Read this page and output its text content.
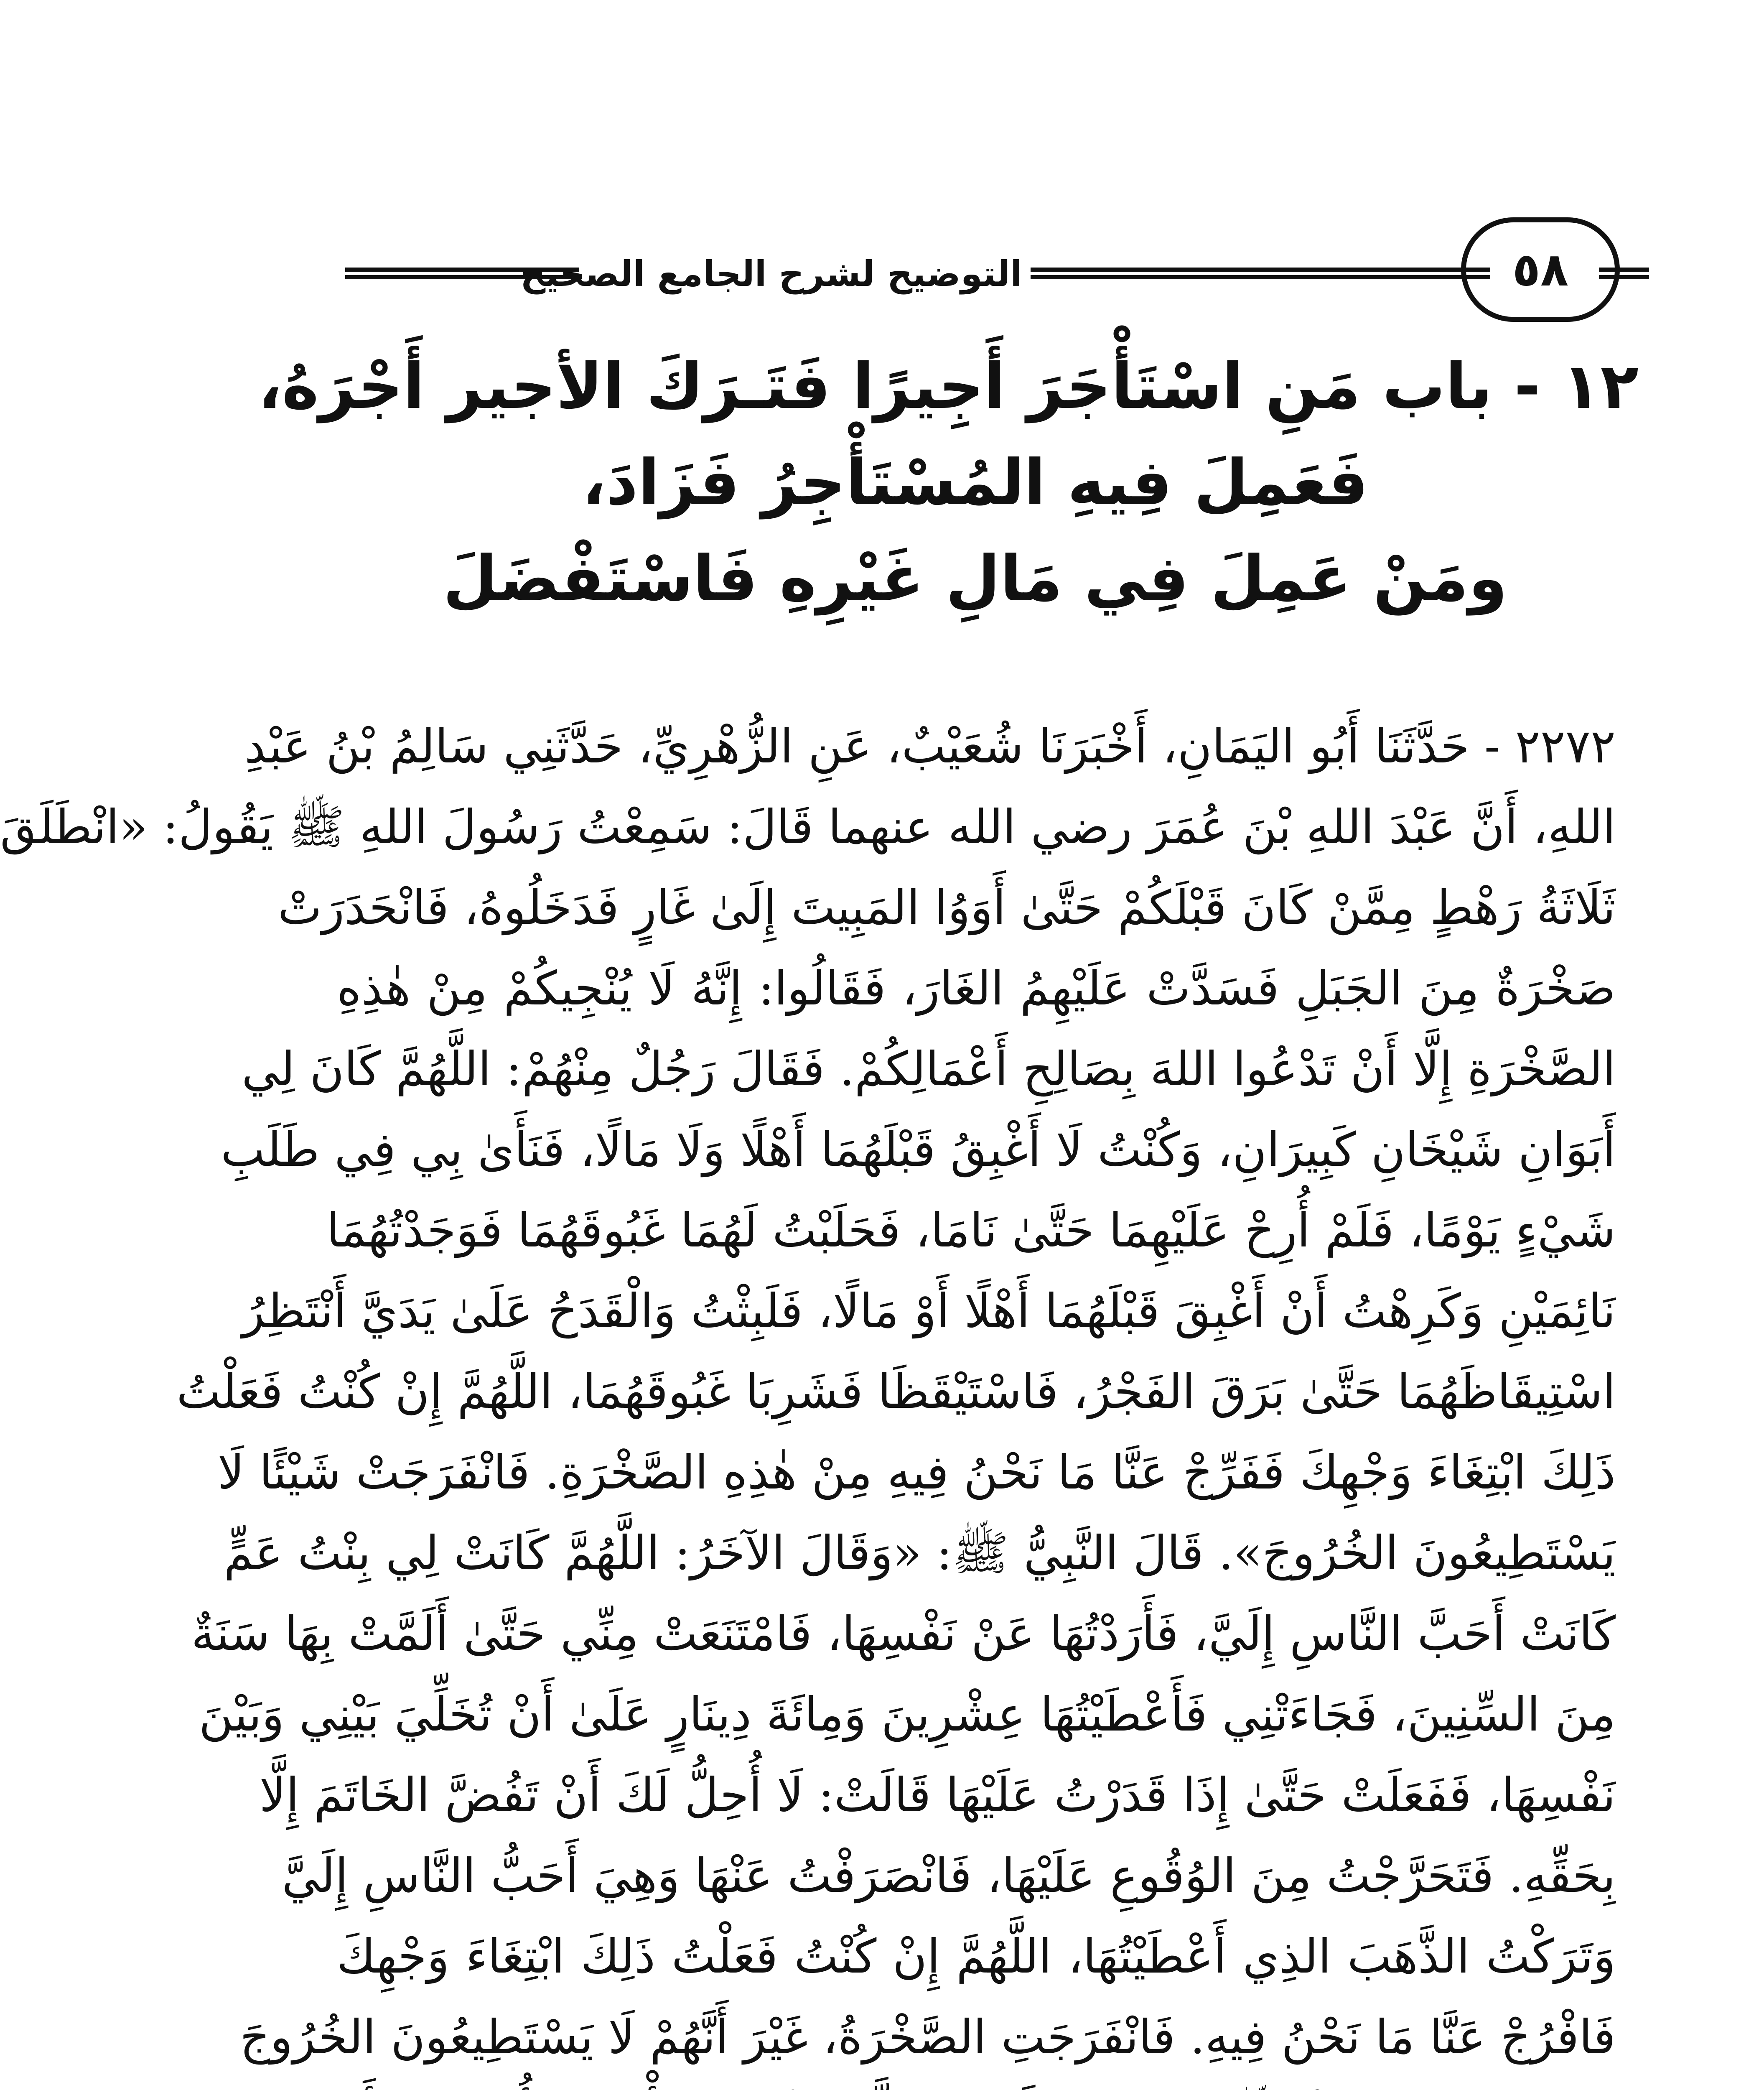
التوضيح لشرح الجامع الصحيح	٥٨
١٢ - باب مَنِ اسْتَأْجَرَ أَجِيرًا فَتَـرَكَ الأجير أَجْرَهُ،
فَعَمِلَ فِيهِ المُسْتَأْجِرُ فَزَادَ،
ومَنْ عَمِلَ فِي مَالِ غَيْرِهِ فَاسْتَفْضَلَ
٢٢٧٢ - حَدَّثَنَا أَبُو اليَمَانِ، أَخْبَرَنَا شُعَيْبٌ، عَنِ الزُّهْرِيِّ، حَدَّثَنِي سَالِمُ بْنُ عَبْدِ
اللهِ، أَنَّ عَبْدَ اللهِ بْنَ عُمَرَ رضي الله عنهما قَالَ: سَمِعْتُ رَسُولَ اللهِ ﷺ يَقُولُ: «انْطَلَقَ
ثَلَاثَةُ رَهْطٍ مِمَّنْ كَانَ قَبْلَكُمْ حَتَّىٰ أَوَوُا المَبِيتَ إِلَىٰ غَارٍ فَدَخَلُوهُ، فَانْحَدَرَتْ
صَخْرَةٌ مِنَ الجَبَلِ فَسَدَّتْ عَلَيْهِمُ الغَارَ، فَقَالُوا: إِنَّهُ لَا يُنْجِيكُمْ مِنْ هٰذِهِ
الصَّخْرَةِ إِلَّا أَنْ تَدْعُوا اللهَ بِصَالِحِ أَعْمَالِكُمْ. فَقَالَ رَجُلٌ مِنْهُمْ: اللَّهُمَّ كَانَ لِي
أَبَوَانِ شَيْخَانِ كَبِيرَانِ، وَكُنْتُ لَا أَغْبِقُ قَبْلَهُمَا أَهْلًا وَلَا مَالًا، فَنَأَىٰ بِي فِي طَلَبِ
شَيْءٍ يَوْمًا، فَلَمْ أُرِحْ عَلَيْهِمَا حَتَّىٰ نَامَا، فَحَلَبْتُ لَهُمَا غَبُوقَهُمَا فَوَجَدْتُهُمَا
نَائِمَيْنِ وَكَرِهْتُ أَنْ أَغْبِقَ قَبْلَهُمَا أَهْلًا أَوْ مَالًا، فَلَبِثْتُ وَالْقَدَحُ عَلَىٰ يَدَيَّ أَنْتَظِرُ
اسْتِيقَاظَهُمَا حَتَّىٰ بَرَقَ الفَجْرُ، فَاسْتَيْقَظَا فَشَرِبَا غَبُوقَهُمَا، اللَّهُمَّ إِنْ كُنْتُ فَعَلْتُ
ذَلِكَ ابْتِغَاءَ وَجْهِكَ فَفَرِّجْ عَنَّا مَا نَحْنُ فِيهِ مِنْ هٰذِهِ الصَّخْرَةِ. فَانْفَرَجَتْ شَيْئًا لَا
يَسْتَطِيعُونَ الخُرُوجَ». قَالَ النَّبِيُّ ﷺ: «وَقَالَ الآخَرُ: اللَّهُمَّ كَانَتْ لِي بِنْتُ عَمٍّ
كَانَتْ أَحَبَّ النَّاسِ إِلَيَّ، فَأَرَدْتُهَا عَنْ نَفْسِهَا، فَامْتَنَعَتْ مِنِّي حَتَّىٰ أَلَمَّتْ بِهَا سَنَةٌ
مِنَ السِّنِينَ، فَجَاءَتْنِي فَأَعْطَيْتُهَا عِشْرِينَ وَمِائَةَ دِينَارٍ عَلَىٰ أَنْ تُخَلِّيَ بَيْنِي وَبَيْنَ
نَفْسِهَا، فَفَعَلَتْ حَتَّىٰ إِذَا قَدَرْتُ عَلَيْهَا قَالَتْ: لَا أُحِلُّ لَكَ أَنْ تَفُضَّ الخَاتَمَ إِلَّا
بِحَقِّهِ. فَتَحَرَّجْتُ مِنَ الوُقُوعِ عَلَيْهَا، فَانْصَرَفْتُ عَنْهَا وَهِيَ أَحَبُّ النَّاسِ إِلَيَّ
وَتَرَكْتُ الذَّهَبَ الذِي أَعْطَيْتُهَا، اللَّهُمَّ إِنْ كُنْتُ فَعَلْتُ ذَلِكَ ابْتِغَاءَ وَجْهِكَ
فَافْرُجْ عَنَّا مَا نَحْنُ فِيهِ. فَانْفَرَجَتِ الصَّخْرَةُ، غَيْرَ أَنَّهُمْ لَا يَسْتَطِيعُونَ الخُرُوجَ
